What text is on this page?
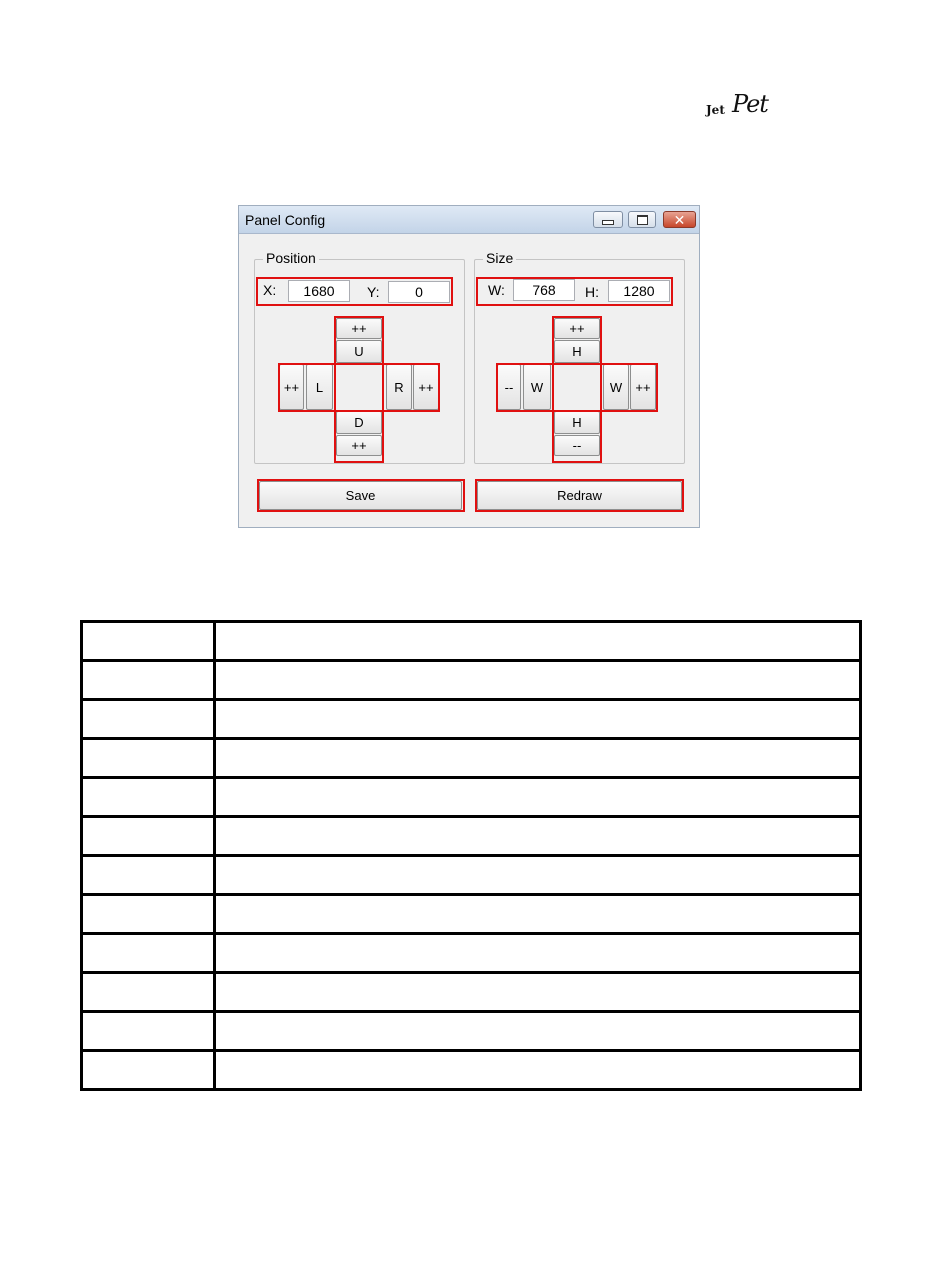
Jet Pet
Panel Config	✕
Position
X:	1680	Y:	0
++
U
D
++
++	L	R	++
Size
W:	768	H:	1280
++
H
H
--
--	W	W	++
Save	Redraw
